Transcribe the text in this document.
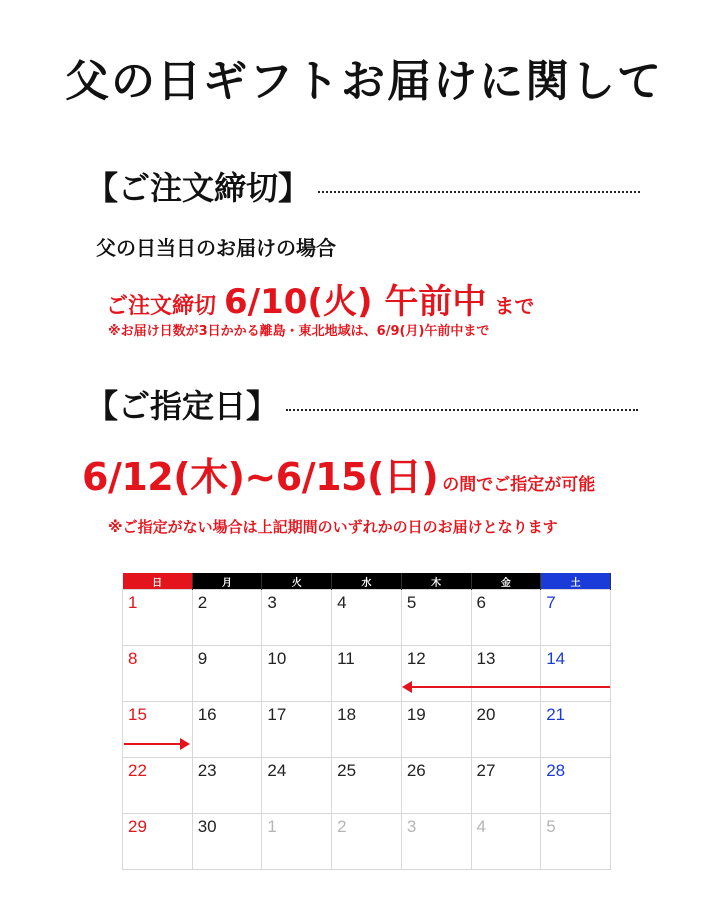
父の日ギフトお届けに関して
【ご注文締切】
父の日当日のお届けの場合
ご注文締切 6/10(火) 午前中 まで
※お届け日数が3日かかる離島・東北地域は、6/9(月)午前中まで
【ご指定日】
6/12(木)~6/15(日) の間でご指定が可能
※ご指定がない場合は上記期間のいずれかの日のお届けとなります
日	月	火	水	木	金	土

1	2	3	4	5	6	7

8	9	10	11	12	13	14

15	16	17	18	19	20	21

22	23	24	25	26	27	28

29	30	1	2	3	4	5
